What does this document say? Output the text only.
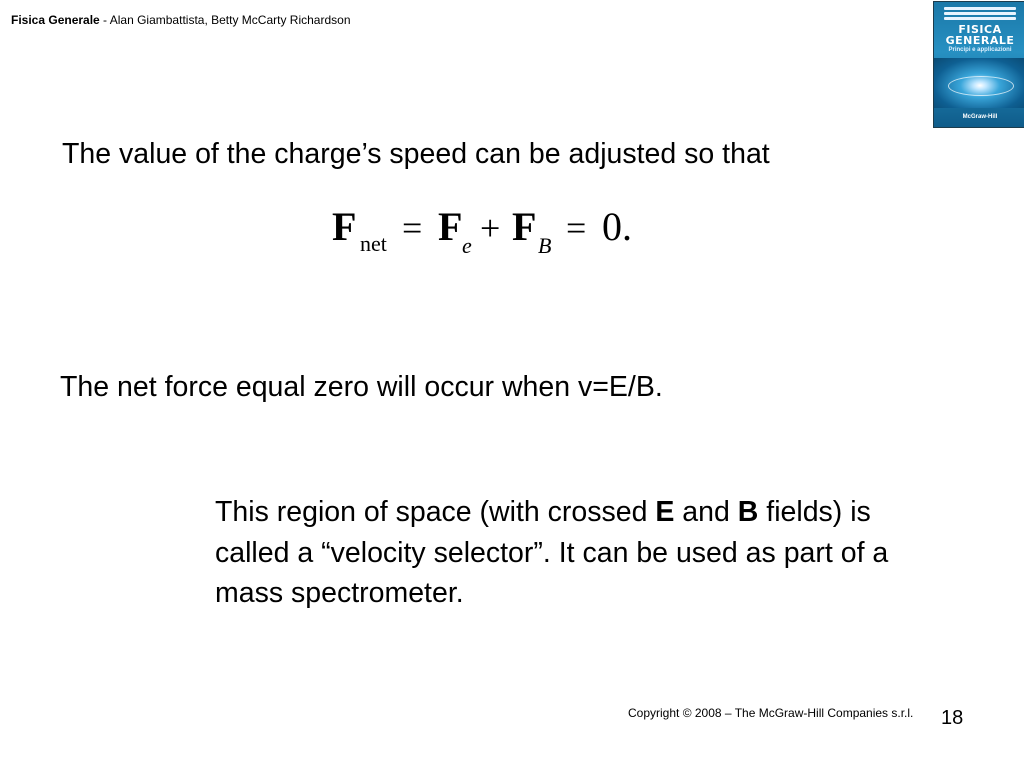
Fisica Generale - Alan Giambattista, Betty McCarty Richardson
FISICA
GENERALE
Principi e applicazioni
McGraw-Hill
The value of the charge’s speed can be adjusted so that
F net = F e + F B = 0.
The net force equal zero will occur when v=E/B.
This region of space (with crossed E and B fields) is called a “velocity selector”. It can be used as part of a mass spectrometer.
Copyright © 2008 – The McGraw-Hill Companies s.r.l. 18
